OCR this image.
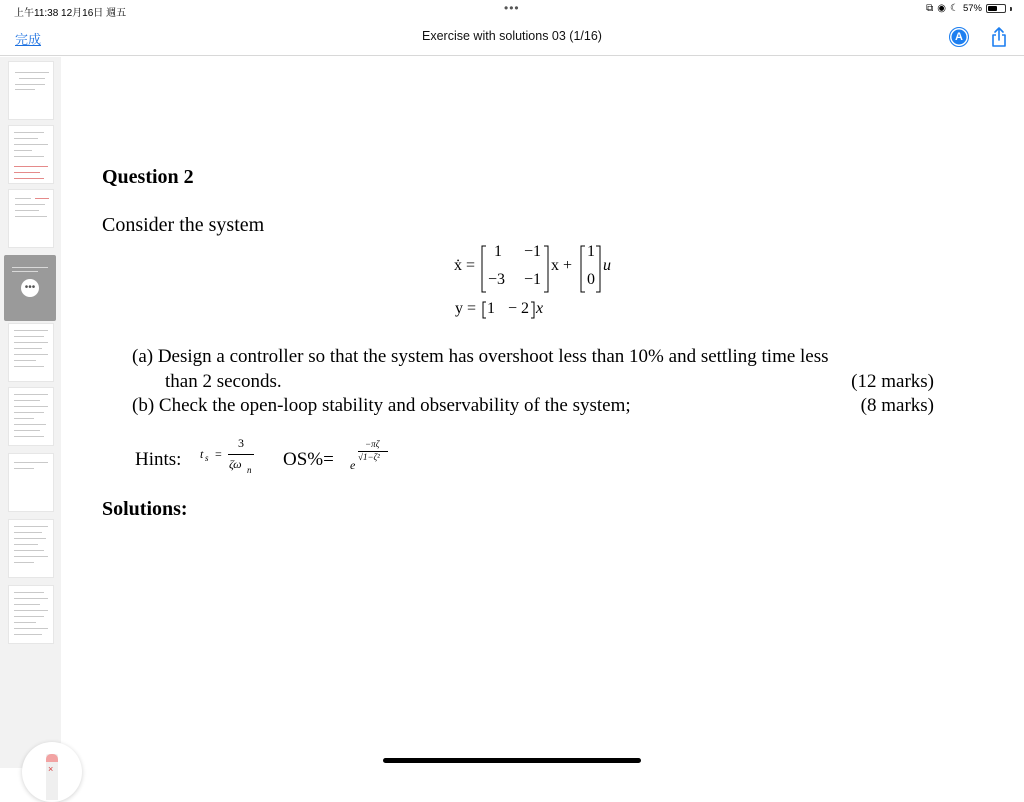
上午11:38 12月16日 週五	•••	⧉ ◉ ☾ 57%
完成	Exercise with solutions 03 (1/16)	A
•••
×
Question 2
Consider the system
ẋ =
1 −1
−3 −1
x +
1
0
u
y = 1 − 2 x
(a) Design a controller so that the system has overshoot less than 10% and settling time less
than 2 seconds.	(12 marks)
(b) Check the open-loop stability and observability of the system;	(8 marks)
Hints: t s =
3
ζω n OS%= e
−πζ
√1−ζ²
Solutions:
